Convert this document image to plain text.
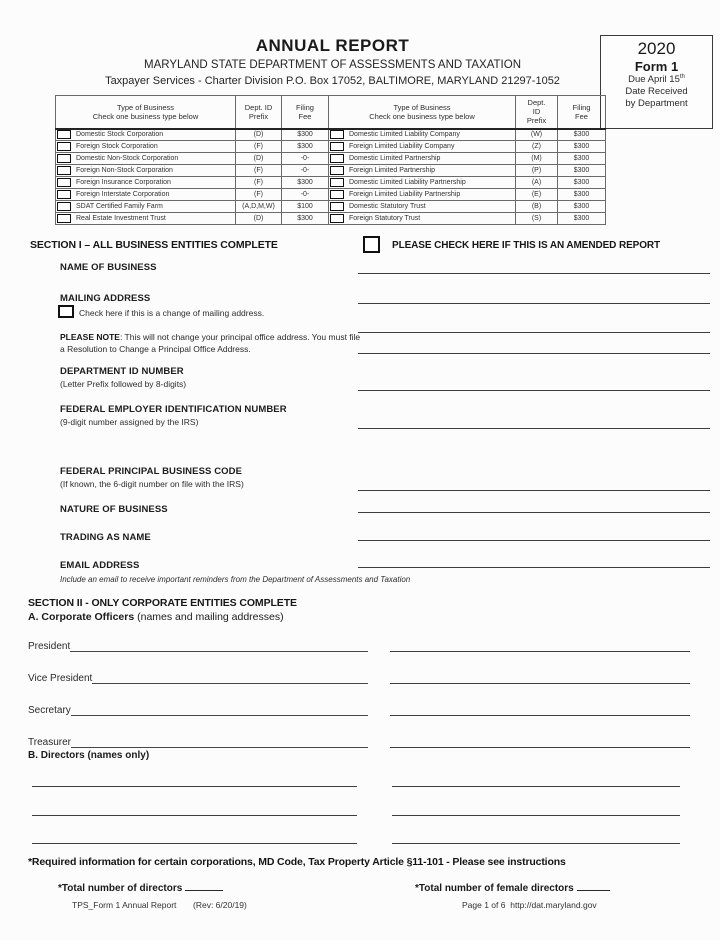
ANNUAL REPORT
MARYLAND STATE DEPARTMENT OF ASSESSMENTS AND TAXATION
Taxpayer Services - Charter Division P.O. Box 17052, BALTIMORE, MARYLAND 21297-1052
2020
Form 1
Due April 15th
Date Received
by Department
Type of Business
Check one business type below	Dept. ID
Prefix	Filing
Fee	Type of Business
Check one business type below	Dept.
ID
Prefix	Filing
Fee
Domestic Stock Corporation	(D)	$300	Domestic Limited Liability Company	(W)	$300
Foreign Stock Corporation	(F)	$300	Foreign Limited Liability Company	(Z)	$300
Domestic Non-Stock Corporation	(D)	-0-	Domestic Limited Partnership	(M)	$300
Foreign Non-Stock Corporation	(F)	-0-	Foreign Limited Partnership	(P)	$300
Foreign Insurance Corporation	(F)	$300	Domestic Limited Liability Partnership	(A)	$300
Foreign Interstate Corporation	(F)	-0-	Foreign Limited Liability Partnership	(E)	$300
SDAT Certified Family Farm	(A,D,M,W)	$100	Domestic Statutory Trust	(B)	$300
Real Estate Investment Trust	(D)	$300	Foreign Statutory Trust	(S)	$300
SECTION I – ALL BUSINESS ENTITIES COMPLETE	PLEASE CHECK HERE IF THIS IS AN AMENDED REPORT
NAME OF BUSINESS
MAILING ADDRESS
Check here if this is a change of mailing address.
PLEASE NOTE: This will not change your principal office address. You must file a Resolution to Change a Principal Office Address.
DEPARTMENT ID NUMBER
(Letter Prefix followed by 8-digits)
FEDERAL EMPLOYER IDENTIFICATION NUMBER
(9-digit number assigned by the IRS)
FEDERAL PRINCIPAL BUSINESS CODE
(If known, the 6-digit number on file with the IRS)
NATURE OF BUSINESS
TRADING AS NAME
EMAIL ADDRESS
Include an email to receive important reminders from the Department of Assessments and Taxation
SECTION II - ONLY CORPORATE ENTITIES COMPLETE
A. Corporate Officers (names and mailing addresses)
President
Vice President
Secretary
Treasurer
B. Directors (names only)
*Required information for certain corporations, MD Code, Tax Property Article §11-101 - Please see instructions
*Total number of directors	*Total number of female directors
TPS_Form 1 Annual Report (Rev: 6/20/19)	Page 1 of 6 http://dat.maryland.gov
